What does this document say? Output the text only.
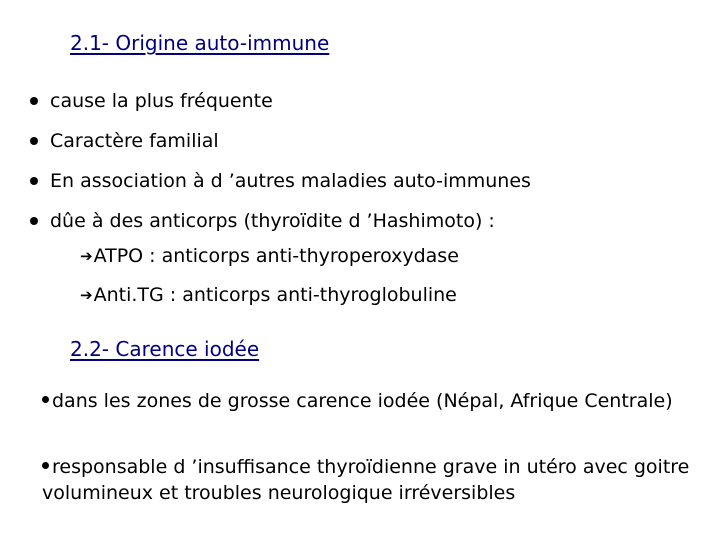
2.1- Origine auto-immune
cause la plus fréquente
Caractère familial
En association à d ’autres maladies auto-immunes
dûe à des anticorps (thyroïdite d ’Hashimoto) :
➔ ATPO : anticorps anti-thyroperoxydase
➔ Anti.TG : anticorps anti-thyroglobuline
2.2- Carence iodée
dans les zones de grosse carence iodée (Népal, Afrique Centrale)
responsable d ’insuffisance thyroïdienne grave in utéro avec goitre volumineux et troubles neurologique irréversibles
